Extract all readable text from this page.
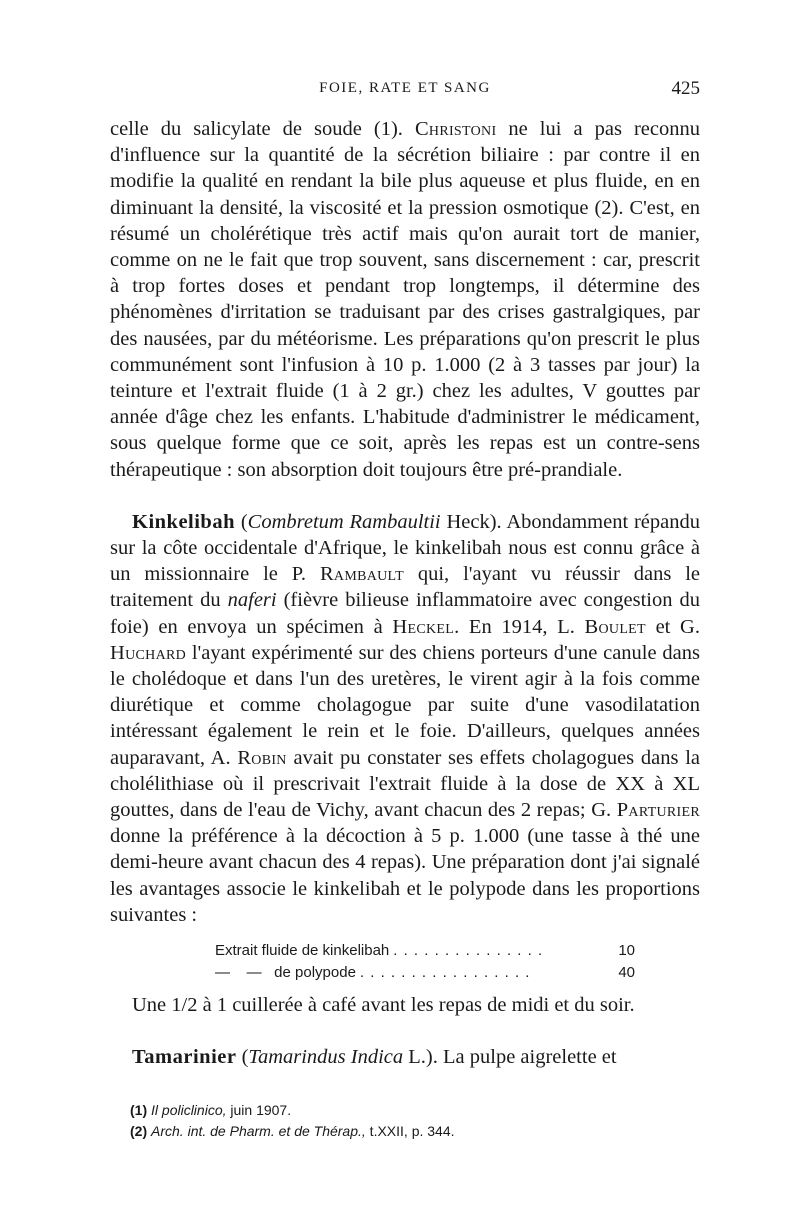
FOIE, RATE ET SANG	425

celle du salicylate de soude (1). Christoni ne lui a pas reconnu d'influence sur la quantité de la sécrétion biliaire : par contre il en modifie la qualité en rendant la bile plus aqueuse et plus fluide, en en diminuant la densité, la viscosité et la pression osmotique (2). C'est, en résumé un cholérétique très actif mais qu'on aurait tort de manier, comme on ne le fait que trop souvent, sans discernement : car, prescrit à trop fortes doses et pendant trop longtemps, il détermine des phénomènes d'irritation se traduisant par des crises gastralgiques, par des nausées, par du météorisme. Les préparations qu'on prescrit le plus communément sont l'infusion à 10 p. 1.000 (2 à 3 tasses par jour) la teinture et l'extrait fluide (1 à 2 gr.) chez les adultes, V gouttes par année d'âge chez les enfants. L'habitude d'administrer le médicament, sous quelque forme que ce soit, après les repas est un contre-sens thérapeutique : son absorption doit toujours être pré-prandiale.

Kinkelibah (Combretum Rambaultii Heck). Abondamment répandu sur la côte occidentale d'Afrique, le kinkelibah nous est connu grâce à un missionnaire le P. Rambault qui, l'ayant vu réussir dans le traitement du naferi (fièvre bilieuse inflammatoire avec congestion du foie) en envoya un spécimen à Heckel. En 1914, L. Boulet et G. Huchard l'ayant expérimenté sur des chiens porteurs d'une canule dans le cholédoque et dans l'un des uretères, le virent agir à la fois comme diurétique et comme cholagogue par suite d'une vasodilatation intéressant également le rein et le foie. D'ailleurs, quelques années auparavant, A. Robin avait pu constater ses effets cholagogues dans la cholélithiase où il prescrivait l'extrait fluide à la dose de XX à XL gouttes, dans de l'eau de Vichy, avant chacun des 2 repas; G. Parturier donne la préférence à la décoction à 5 p. 1.000 (une tasse à thé une demi-heure avant chacun des 4 repas). Une préparation dont j'ai signalé les avantages associe le kinkelibah et le polypode dans les proportions suivantes :

Extrait fluide de kinkelibah . . . . . . . . . . . . . . .	10
—    —   de polypode . . . . . . . . . . . . . . . . .	40

Une 1/2 à 1 cuillerée à café avant les repas de midi et du soir.

Tamarinier (Tamarindus Indica L.). La pulpe aigrelette et

(1) Il policlinico, juin 1907.
(2) Arch. int. de Pharm. et de Thérap., t.XXII, p. 344.
